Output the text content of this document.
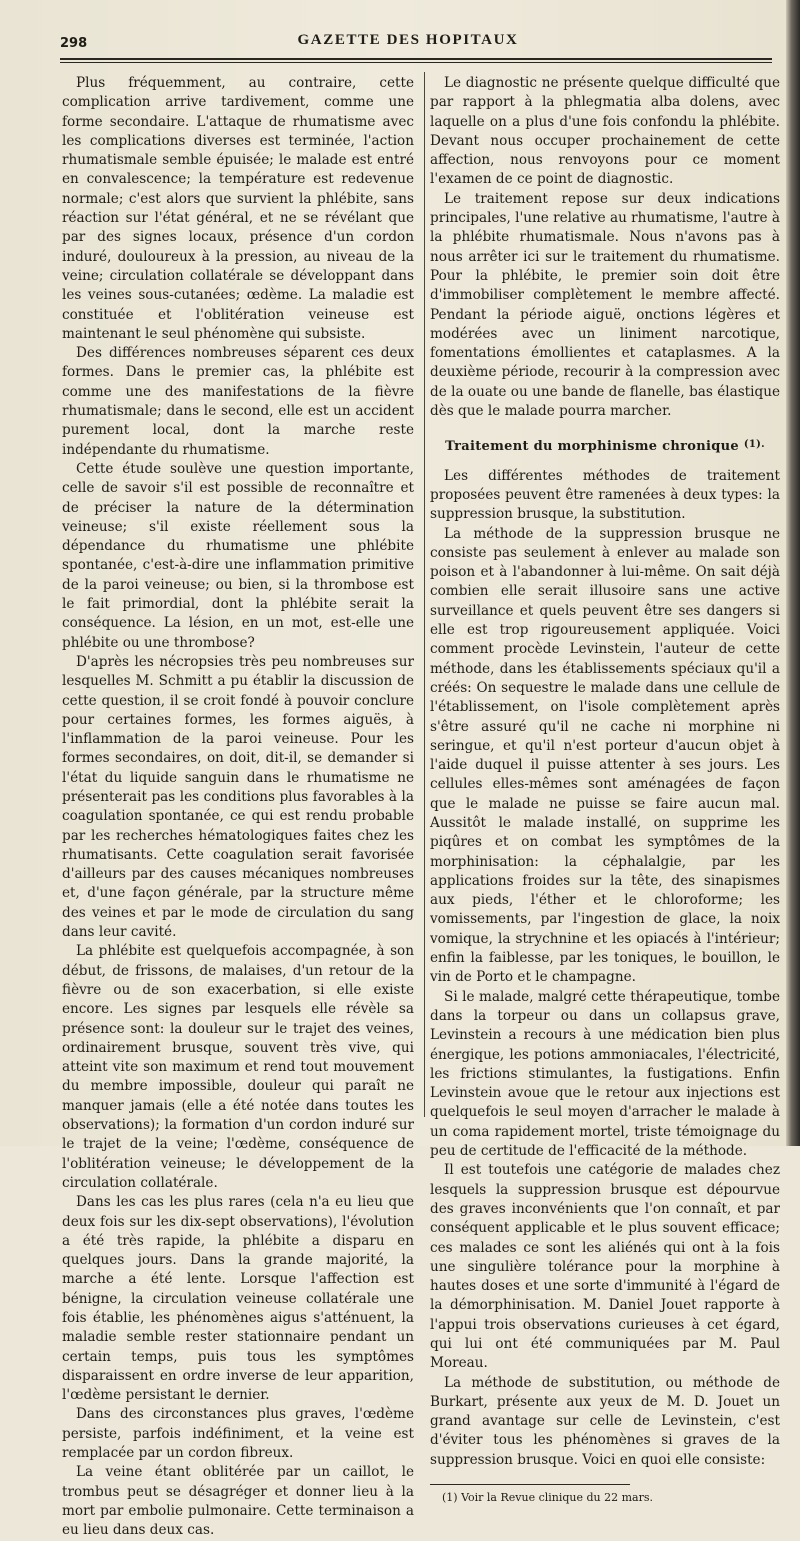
298	GAZETTE DES HOPITAUX

Plus fréquemment, au contraire, cette complication arrive tardivement, comme une forme secondaire. L'attaque de rhumatisme avec les complications diverses est terminée, l'action rhumatismale semble épuisée; le malade est entré en convalescence; la température est redevenue normale; c'est alors que survient la phlébite, sans réaction sur l'état général, et ne se révélant que par des signes locaux, présence d'un cordon induré, douloureux à la pression, au niveau de la veine; circulation collatérale se développant dans les veines sous-cutanées; œdème. La maladie est constituée et l'oblitération veineuse est maintenant le seul phénomène qui subsiste.

Des différences nombreuses séparent ces deux formes. Dans le premier cas, la phlébite est comme une des manifestations de la fièvre rhumatismale; dans le second, elle est un accident purement local, dont la marche reste indépendante du rhumatisme.

Cette étude soulève une question importante, celle de savoir s'il est possible de reconnaître et de préciser la nature de la détermination veineuse; s'il existe réellement sous la dépendance du rhumatisme une phlébite spontanée, c'est-à-dire une inflammation primitive de la paroi veineuse; ou bien, si la thrombose est le fait primordial, dont la phlébite serait la conséquence. La lésion, en un mot, est-elle une phlébite ou une thrombose?

D'après les nécropsies très peu nombreuses sur lesquelles M. Schmitt a pu établir la discussion de cette question, il se croit fondé à pouvoir conclure pour certaines formes, les formes aiguës, à l'inflammation de la paroi veineuse. Pour les formes secondaires, on doit, dit-il, se demander si l'état du liquide sanguin dans le rhumatisme ne présenterait pas les conditions plus favorables à la coagulation spontanée, ce qui est rendu probable par les recherches hématologiques faites chez les rhumatisants. Cette coagulation serait favorisée d'ailleurs par des causes mécaniques nombreuses et, d'une façon générale, par la structure même des veines et par le mode de circulation du sang dans leur cavité.

La phlébite est quelquefois accompagnée, à son début, de frissons, de malaises, d'un retour de la fièvre ou de son exacerbation, si elle existe encore. Les signes par lesquels elle révèle sa présence sont: la douleur sur le trajet des veines, ordinairement brusque, souvent très vive, qui atteint vite son maximum et rend tout mouvement du membre impossible, douleur qui paraît ne manquer jamais (elle a été notée dans toutes les observations); la formation d'un cordon induré sur le trajet de la veine; l'œdème, conséquence de l'oblitération veineuse; le développement de la circulation collatérale.

Dans les cas les plus rares (cela n'a eu lieu que deux fois sur les dix-sept observations), l'évolution a été très rapide, la phlébite a disparu en quelques jours. Dans la grande majorité, la marche a été lente. Lorsque l'affection est bénigne, la circulation veineuse collatérale une fois établie, les phénomènes aigus s'atténuent, la maladie semble rester stationnaire pendant un certain temps, puis tous les symptômes disparaissent en ordre inverse de leur apparition, l'œdème persistant le dernier.

Dans des circonstances plus graves, l'œdème persiste, parfois indéfiniment, et la veine est remplacée par un cordon fibreux.

La veine étant oblitérée par un caillot, le trombus peut se désagréger et donner lieu à la mort par embolie pulmonaire. Cette terminaison a eu lieu dans deux cas.

Le diagnostic ne présente quelque difficulté que par rapport à la phlegmatia alba dolens, avec laquelle on a plus d'une fois confondu la phlébite. Devant nous occuper prochainement de cette affection, nous renvoyons pour ce moment l'examen de ce point de diagnostic.

Le traitement repose sur deux indications principales, l'une relative au rhumatisme, l'autre à la phlébite rhumatismale. Nous n'avons pas à nous arrêter ici sur le traitement du rhumatisme. Pour la phlébite, le premier soin doit être d'immobiliser complètement le membre affecté. Pendant la période aiguë, onctions légères et modérées avec un liniment narcotique, fomentations émollientes et cataplasmes. A la deuxième période, recourir à la compression avec de la ouate ou une bande de flanelle, bas élastique dès que le malade pourra marcher.

Traitement du morphinisme chronique $^{(1).}$

Les différentes méthodes de traitement proposées peuvent être ramenées à deux types: la suppression brusque, la substitution.

La méthode de la suppression brusque ne consiste pas seulement à enlever au malade son poison et à l'abandonner à lui-même. On sait déjà combien elle serait illusoire sans une active surveillance et quels peuvent être ses dangers si elle est trop rigoureusement appliquée. Voici comment procède Levinstein, l'auteur de cette méthode, dans les établissements spéciaux qu'il a créés: On sequestre le malade dans une cellule de l'établissement, on l'isole complètement après s'être assuré qu'il ne cache ni morphine ni seringue, et qu'il n'est porteur d'aucun objet à l'aide duquel il puisse attenter à ses jours. Les cellules elles-mêmes sont aménagées de façon que le malade ne puisse se faire aucun mal. Aussitôt le malade installé, on supprime les piqûres et on combat les symptômes de la morphinisation: la céphalalgie, par les applications froides sur la tête, des sinapismes aux pieds, l'éther et le chloroforme; les vomissements, par l'ingestion de glace, la noix vomique, la strychnine et les opiacés à l'intérieur; enfin la faiblesse, par les toniques, le bouillon, le vin de Porto et le champagne.

Si le malade, malgré cette thérapeutique, tombe dans la torpeur ou dans un collapsus grave, Levinstein a recours à une médication bien plus énergique, les potions ammoniacales, l'électricité, les frictions stimulantes, la fustigations. Enfin Levinstein avoue que le retour aux injections est quelquefois le seul moyen d'arracher le malade à un coma rapidement mortel, triste témoignage du peu de certitude de l'efficacité de la méthode.

Il est toutefois une catégorie de malades chez lesquels la suppression brusque est dépourvue des graves inconvénients que l'on connaît, et par conséquent applicable et le plus souvent efficace; ces malades ce sont les aliénés qui ont à la fois une singulière tolérance pour la morphine à hautes doses et une sorte d'immunité à l'égard de la démorphinisation. M. Daniel Jouet rapporte à l'appui trois observations curieuses à cet égard, qui lui ont été communiquées par M. Paul Moreau.

La méthode de substitution, ou méthode de Burkart, présente aux yeux de M. D. Jouet un grand avantage sur celle de Levinstein, c'est d'éviter tous les phénomènes si graves de la suppression brusque. Voici en quoi elle consiste:

(1) Voir la Revue clinique du 22 mars.
